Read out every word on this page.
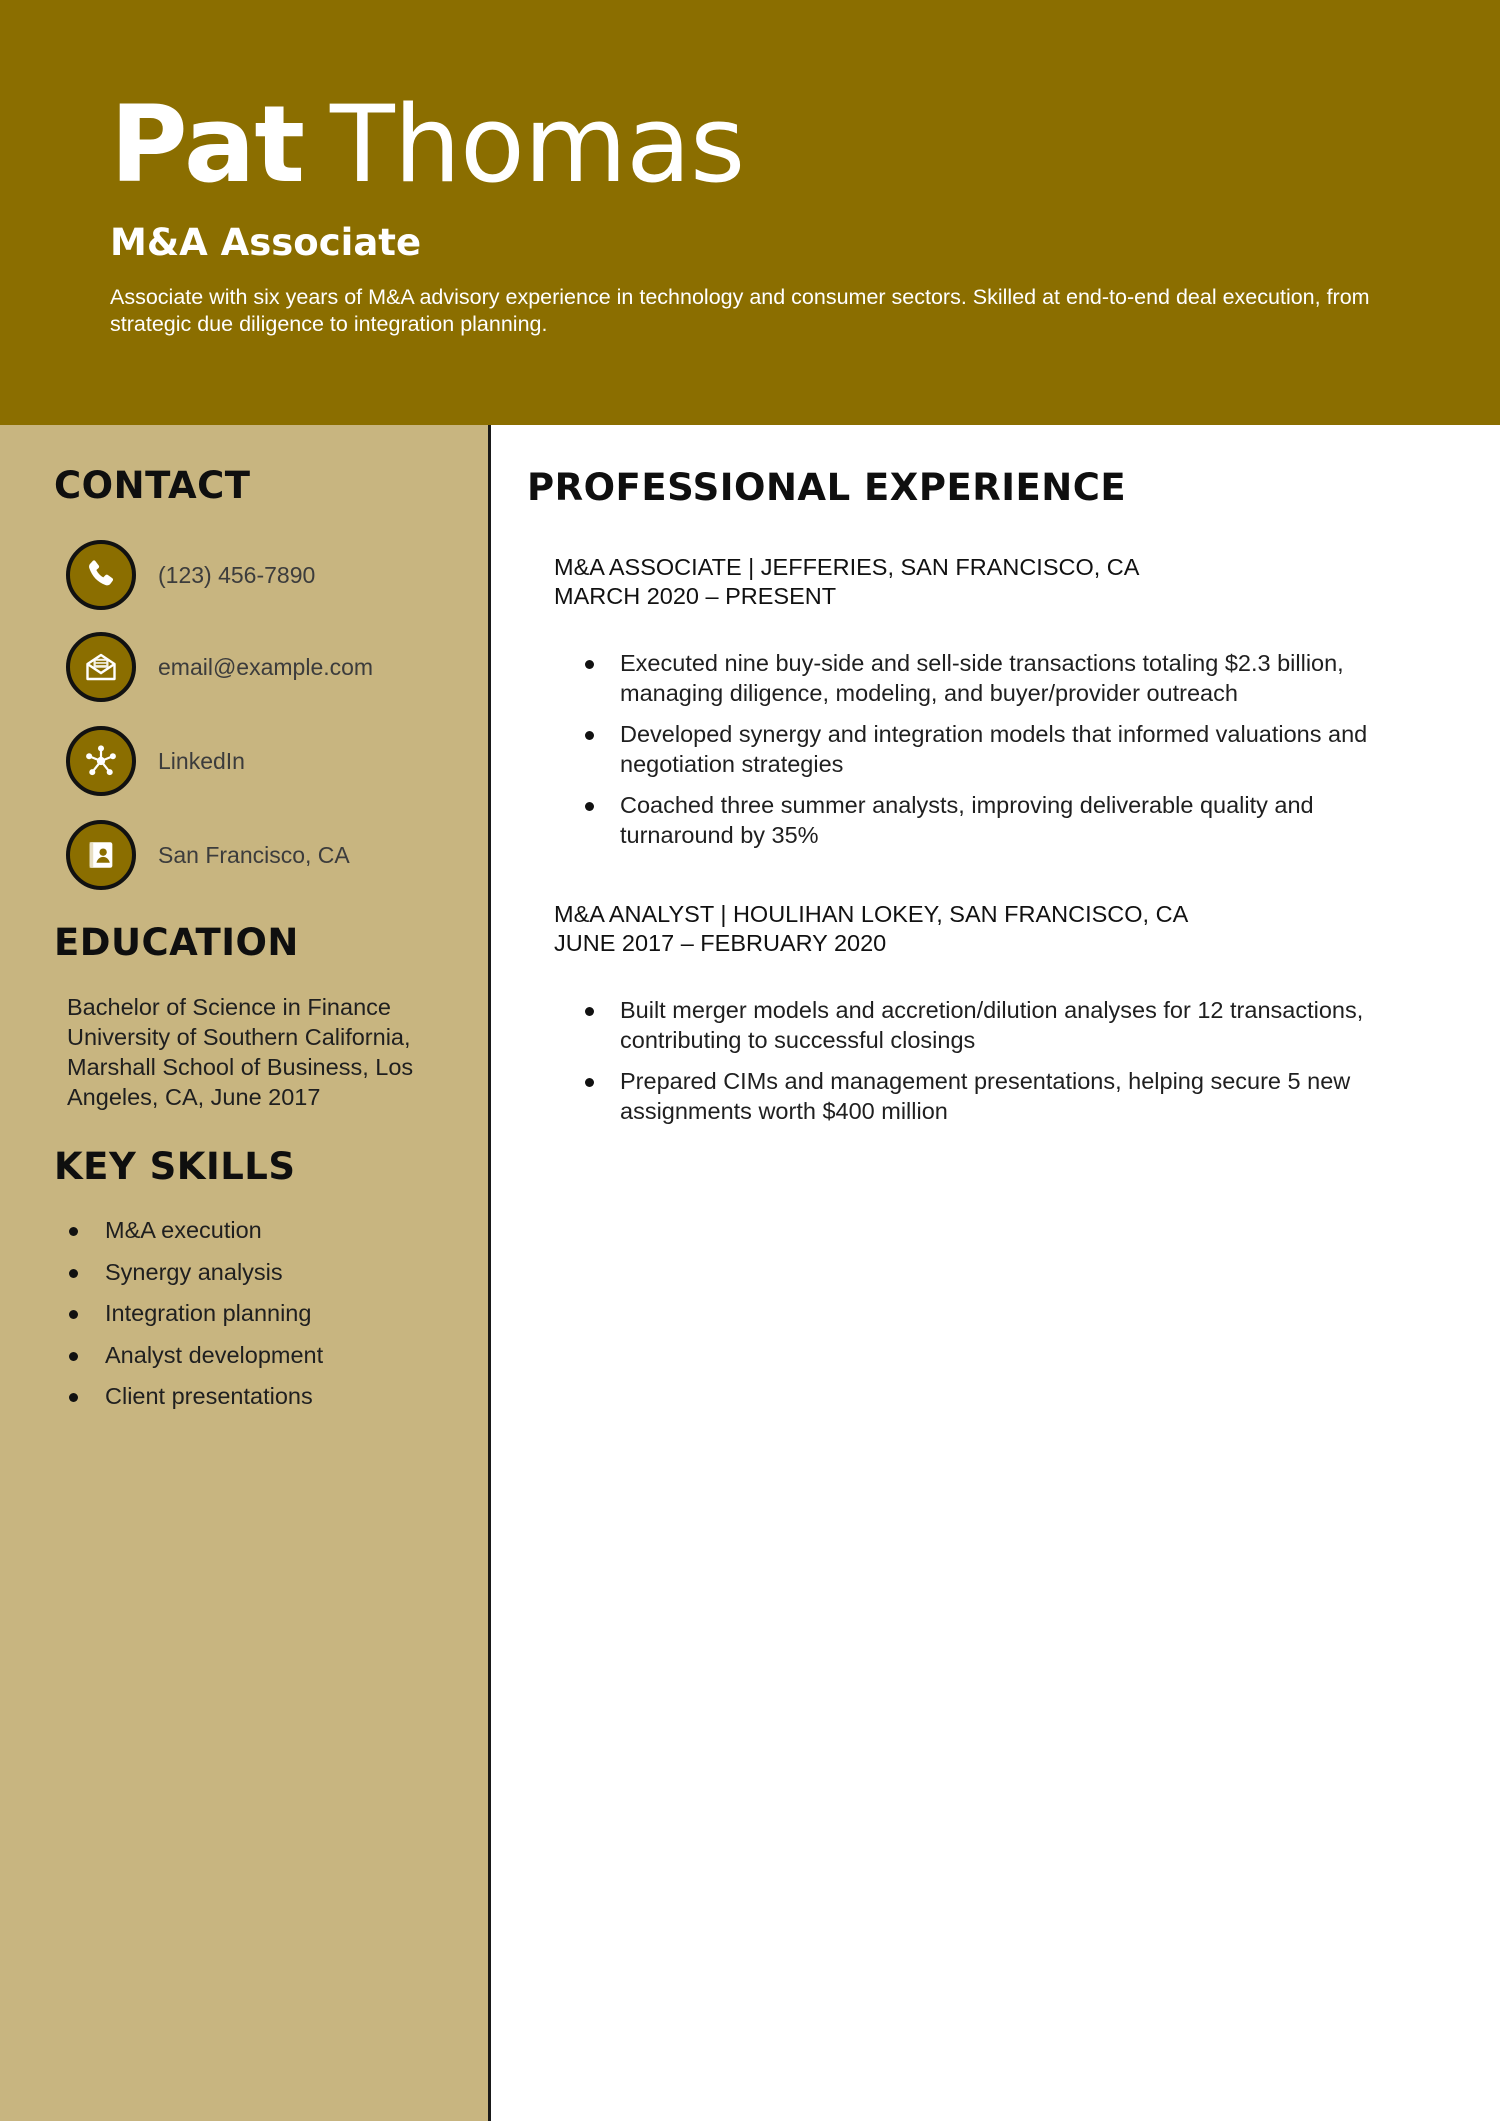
Pat Thomas
M&A Associate
Associate with six years of M&A advisory experience in technology and consumer sectors. Skilled at end-to-end deal execution, from strategic due diligence to integration planning.
CONTACT
(123) 456-7890
email@example.com
LinkedIn
San Francisco, CA
EDUCATION
Bachelor of Science in Finance
University of Southern California,
Marshall School of Business, Los
Angeles, CA, June 2017
KEY SKILLS
M&A execution
Synergy analysis
Integration planning
Analyst development
Client presentations
PROFESSIONAL EXPERIENCE
M&A ASSOCIATE | JEFFERIES, SAN FRANCISCO, CA
MARCH 2020 – PRESENT
Executed nine buy-side and sell-side transactions totaling $2.3 billion, managing diligence, modeling, and buyer/provider outreach
Developed synergy and integration models that informed valuations and negotiation strategies
Coached three summer analysts, improving deliverable quality and turnaround by 35%
M&A ANALYST | HOULIHAN LOKEY, SAN FRANCISCO, CA
JUNE 2017 – FEBRUARY 2020
Built merger models and accretion/dilution analyses for 12 transactions, contributing to successful closings
Prepared CIMs and management presentations, helping secure 5 new assignments worth $400 million
